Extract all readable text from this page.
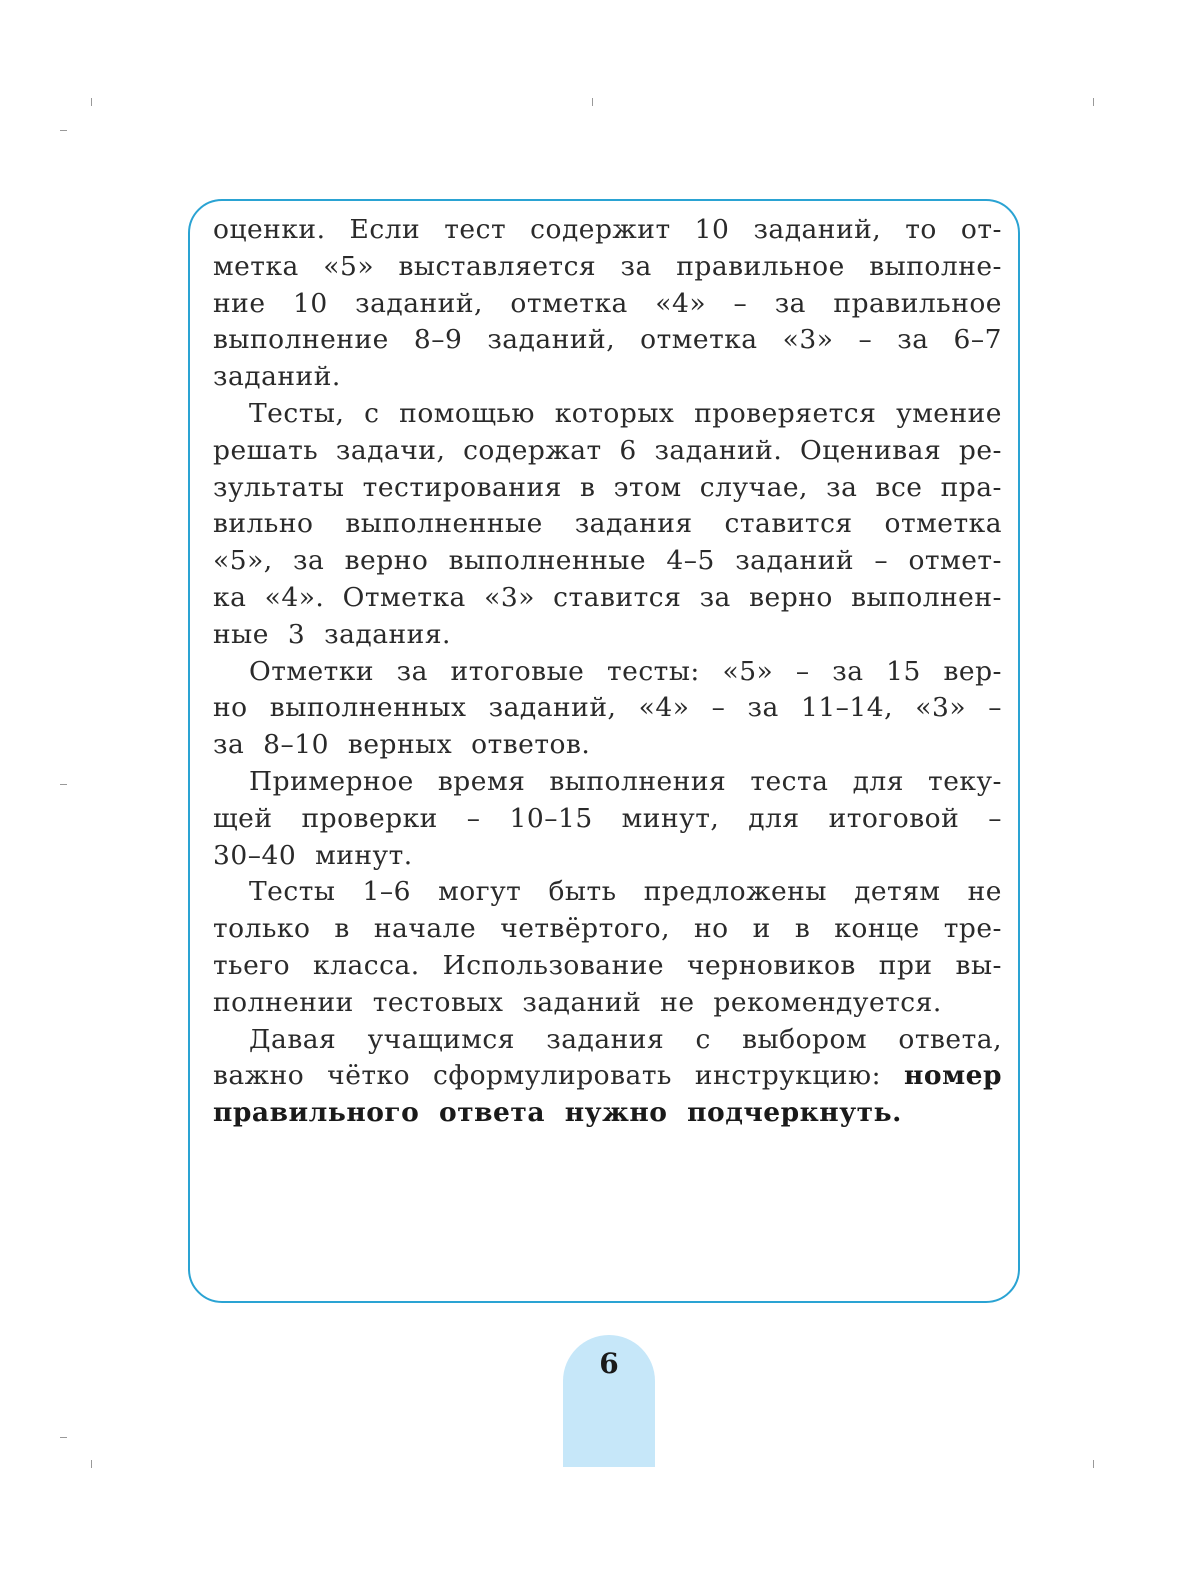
оценки. Если тест содержит 10 заданий, то от-
метка «5» выставляется за правильное выполне-
ние 10 заданий, отметка «4» – за правильное
выполнение 8–9 заданий, отметка «3» – за 6–7
заданий.
Тесты, с помощью которых проверяется умение
решать задачи, содержат 6 заданий. Оценивая ре-
зультаты тестирования в этом случае, за все пра-
вильно выполненные задания ставится отметка
«5», за верно выполненные 4–5 заданий – отмет-
ка «4». Отметка «3» ставится за верно выполнен-
ные 3 задания.
Отметки за итоговые тесты: «5» – за 15 вер-
но выполненных заданий, «4» – за 11–14, «3» –
за 8–10 верных ответов.
Примерное время выполнения теста для теку-
щей проверки – 10–15 минут, для итоговой –
30–40 минут.
Тесты 1–6 могут быть предложены детям не
только в начале четвёртого, но и в конце тре-
тьего класса. Использование черновиков при вы-
полнении тестовых заданий не рекомендуется.
Давая учащимся задания с выбором ответа,
важно чётко сформулировать инструкцию: номер
правильного ответа нужно подчеркнуть.
6
